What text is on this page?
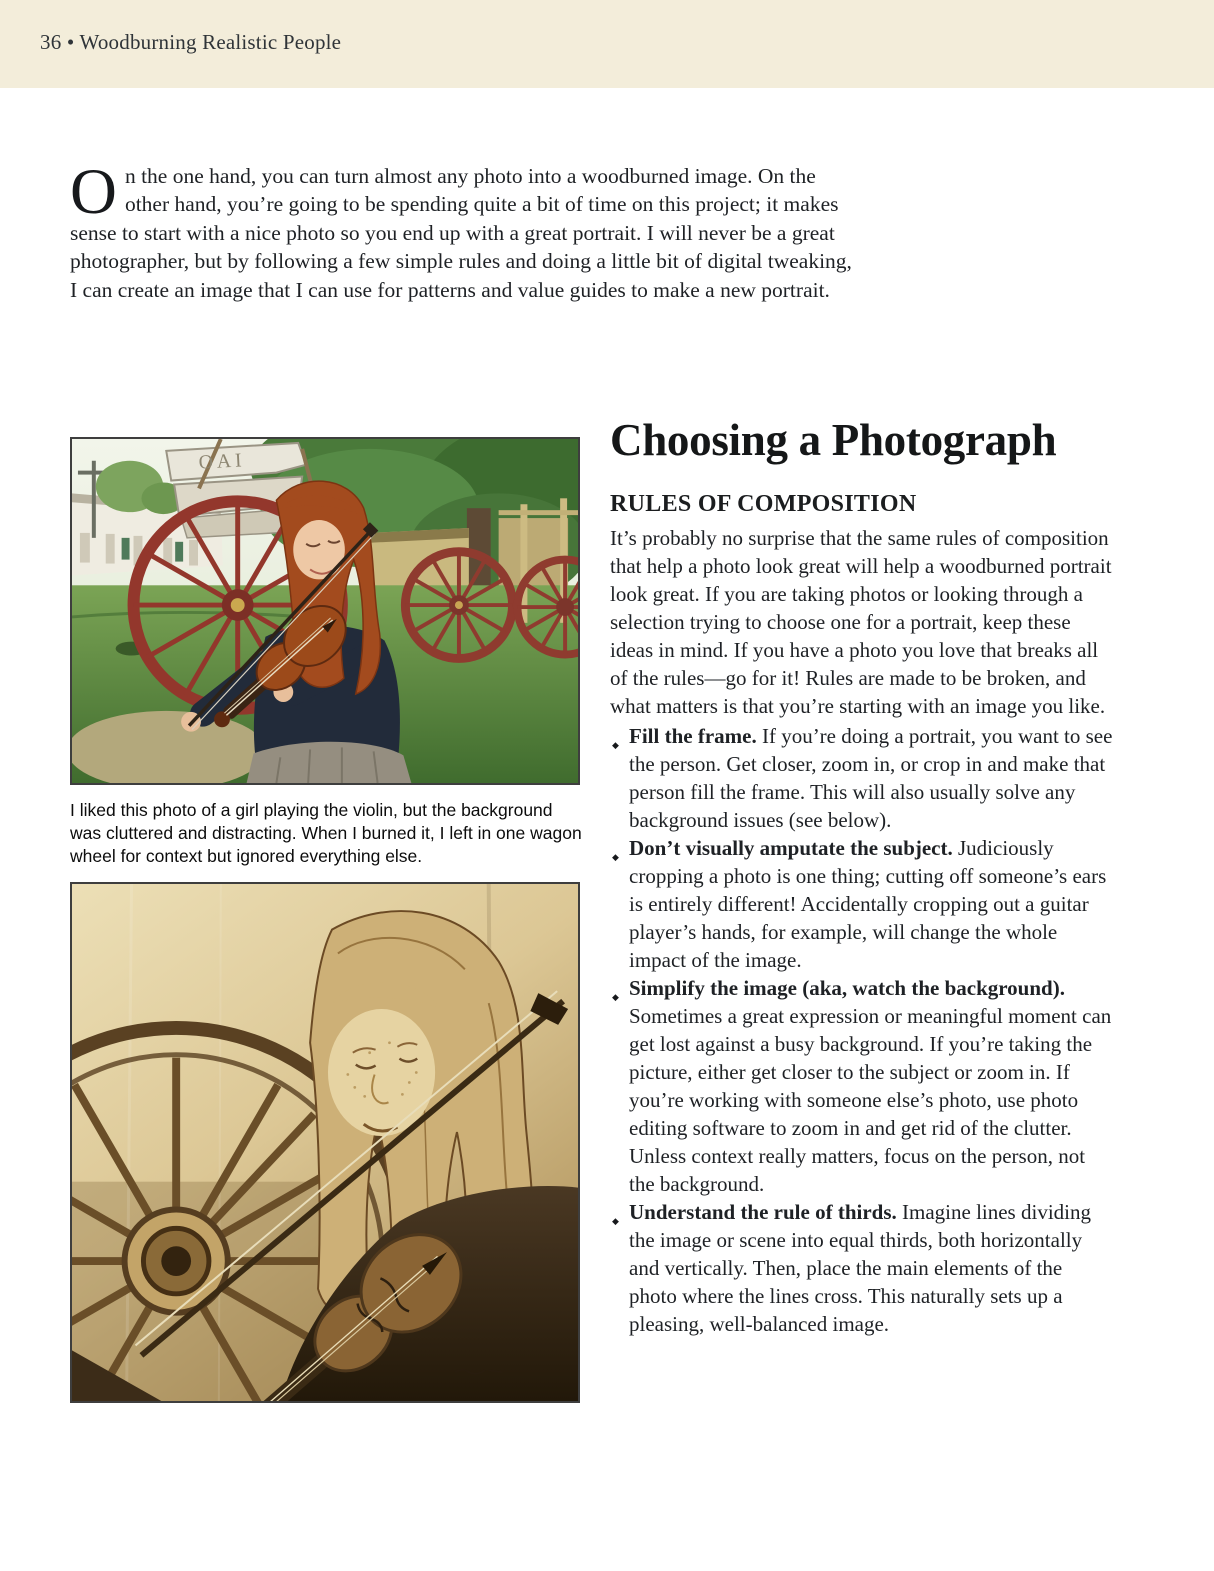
36 • Woodburning Realistic People

On the one hand, you can turn almost any photo into a woodburned image. On the other hand, you’re going to be spending quite a bit of time on this project; it makes sense to start with a nice photo so you end up with a great portrait. I will never be a great photographer, but by following a few simple rules and doing a little bit of digital tweaking, I can create an image that I can use for patterns and value guides to make a new portrait.

O A I
I liked this photo of a girl playing the violin, but the background was cluttered and distracting. When I burned it, I left in one wagon wheel for context but ignored everything else.
Choosing a Photograph
RULES OF COMPOSITION

It’s probably no surprise that the same rules of composition that help a photo look great will help a woodburned portrait look great. If you are taking photos or looking through a selection trying to choose one for a portrait, keep these ideas in mind. If you have a photo you love that breaks all of the rules—go for it! Rules are made to be broken, and what matters is that you’re starting with an image you like.

◆ Fill the frame. If you’re doing a portrait, you want to see the person. Get closer, zoom in, or crop in and make that person fill the frame. This will also usually solve any background issues (see below).
◆ Don’t visually amputate the subject. Judiciously cropping a photo is one thing; cutting off someone’s ears is entirely different! Accidentally cropping out a guitar player’s hands, for example, will change the whole impact of the image.
◆ Simplify the image (aka, watch the background). Sometimes a great expression or meaningful moment can get lost against a busy background. If you’re taking the picture, either get closer to the subject or zoom in. If you’re working with someone else’s photo, use photo editing software to zoom in and get rid of the clutter. Unless context really matters, focus on the person, not the background.
◆ Understand the rule of thirds. Imagine lines dividing the image or scene into equal thirds, both horizontally and vertically. Then, place the main elements of the photo where the lines cross. This naturally sets up a pleasing, well-balanced image.
